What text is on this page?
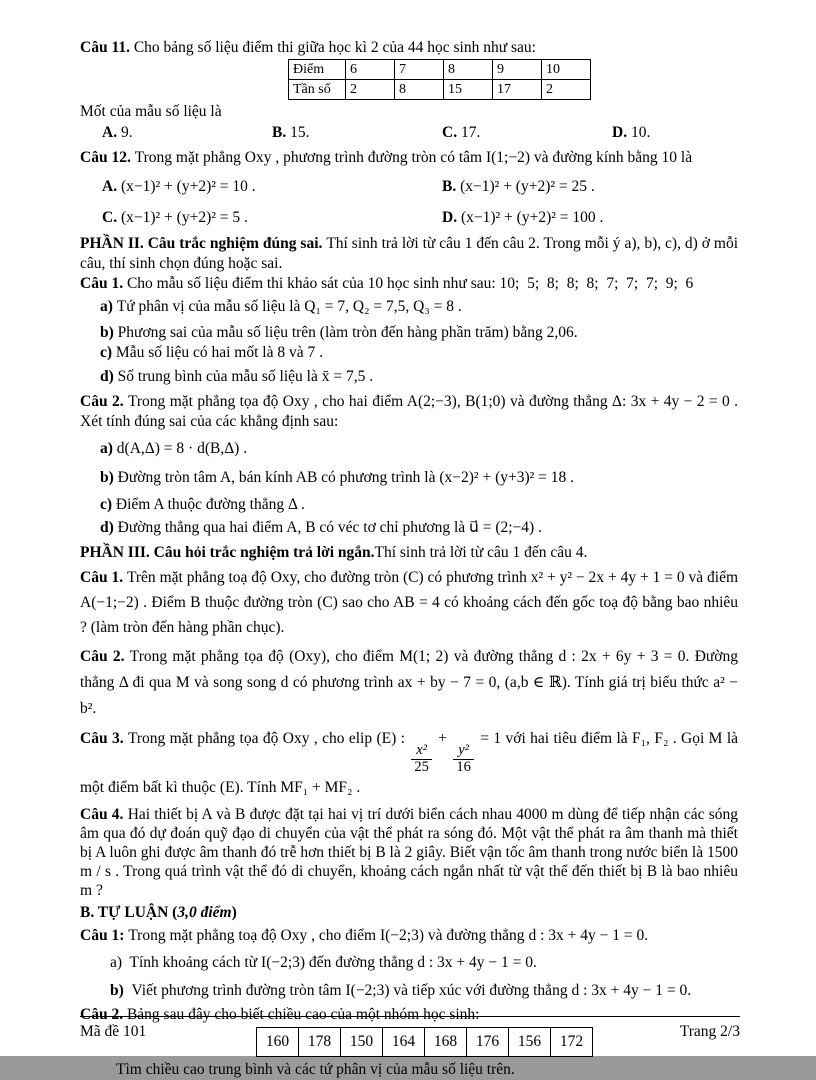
Câu 11. Cho bảng số liệu điểm thi giữa học kì 2 của 44 học sinh như sau:
Điểm	6	7	8	9	10
Tần số	2	8	15	17	2
Mốt của mẫu số liệu là
A. 9.	B. 15.	C. 17.	D. 10.
Câu 12. Trong mặt phẳng Oxy , phương trình đường tròn có tâm I(1;−2) và đường kính bằng 10 là
A. (x−1)² + (y+2)² = 10 .	B. (x−1)² + (y+2)² = 25 .
C. (x−1)² + (y+2)² = 5 .	D. (x−1)² + (y+2)² = 100 .
PHẦN II. Câu trắc nghiệm đúng sai. Thí sinh trả lời từ câu 1 đến câu 2. Trong mỗi ý a), b), c), d) ở mỗi câu, thí sinh chọn đúng hoặc sai.
Câu 1. Cho mẫu số liệu điểm thi khảo sát của 10 học sinh như sau: 10;  5;  8;  8;  8;  7;  7;  7;  9;  6
a) Tứ phân vị của mẫu số liệu là Q₁ = 7, Q₂ = 7,5, Q₃ = 8 .
b) Phương sai của mẫu số liệu trên (làm tròn đến hàng phần trăm) bằng 2,06.
c) Mẫu số liệu có hai mốt là 8 và 7 .
d) Số trung bình của mẫu số liệu là x̄ = 7,5 .
Câu 2. Trong mặt phẳng tọa độ Oxy , cho hai điểm A(2;−3), B(1;0) và đường thẳng Δ: 3x + 4y − 2 = 0 . Xét tính đúng sai của các khẳng định sau:
a) d(A,Δ) = 8 · d(B,Δ) .
b) Đường tròn tâm A, bán kính AB có phương trình là (x−2)² + (y+3)² = 18 .
c) Điểm A thuộc đường thẳng Δ .
d) Đường thẳng qua hai điểm A, B có véc tơ chỉ phương là u⃗ = (2;−4) .
PHẦN III. Câu hỏi trắc nghiệm trả lời ngắn.Thí sinh trả lời từ câu 1 đến câu 4.
Câu 1. Trên mặt phẳng toạ độ Oxy, cho đường tròn (C) có phương trình x² + y² − 2x + 4y + 1 = 0 và điểm A(−1;−2) . Điểm B thuộc đường tròn (C) sao cho AB = 4 có khoảng cách đến gốc toạ độ bằng bao nhiêu ? (làm tròn đến hàng phần chục).
Câu 2. Trong mặt phẳng tọa độ (Oxy), cho điểm M(1; 2) và đường thẳng d : 2x + 6y + 3 = 0. Đường thẳng Δ đi qua M và song song d có phương trình ax + by − 7 = 0, (a,b ∈ ℝ). Tính giá trị biểu thức a² − b².
Câu 3. Trong mặt phẳng tọa độ Oxy , cho elip (E) :
$\frac{\text{x²}}{25}$
+
$\frac{\text{y²}}{16}$
= 1 với hai tiêu điểm là F₁, F₂ . Gọi M là một điểm bất kì thuộc (E). Tính MF₁ + MF₂ .
Câu 4. Hai thiết bị A và B được đặt tại hai vị trí dưới biển cách nhau 4000 m dùng để tiếp nhận các sóng âm qua đó dự đoán quỹ đạo di chuyển của vật thể phát ra sóng đó. Một vật thể phát ra âm thanh mà thiết bị A luôn ghi được âm thanh đó trễ hơn thiết bị B là 2 giây. Biết vận tốc âm thanh trong nước biển là 1500 m / s . Trong quá trình vật thể đó di chuyển, khoảng cách ngắn nhất từ vật thể đến thiết bị B là bao nhiêu m ?
B. TỰ LUẬN (3,0 điểm)
Câu 1: Trong mặt phẳng toạ độ Oxy , cho điểm I(−2;3) và đường thẳng d : 3x + 4y − 1 = 0.
a)  Tính khoảng cách từ I(−2;3) đến đường thẳng d : 3x + 4y − 1 = 0.
b)  Viết phương trình đường tròn tâm I(−2;3) và tiếp xúc với đường thẳng d : 3x + 4y − 1 = 0.
Câu 2. Bảng sau đây cho biết chiều cao của một nhóm học sinh:
160	178	150	164	168	176	156	172
Tìm chiều cao trung bình và các tứ phân vị của mẫu số liệu trên.
Mã đề 101	Trang 2/3
